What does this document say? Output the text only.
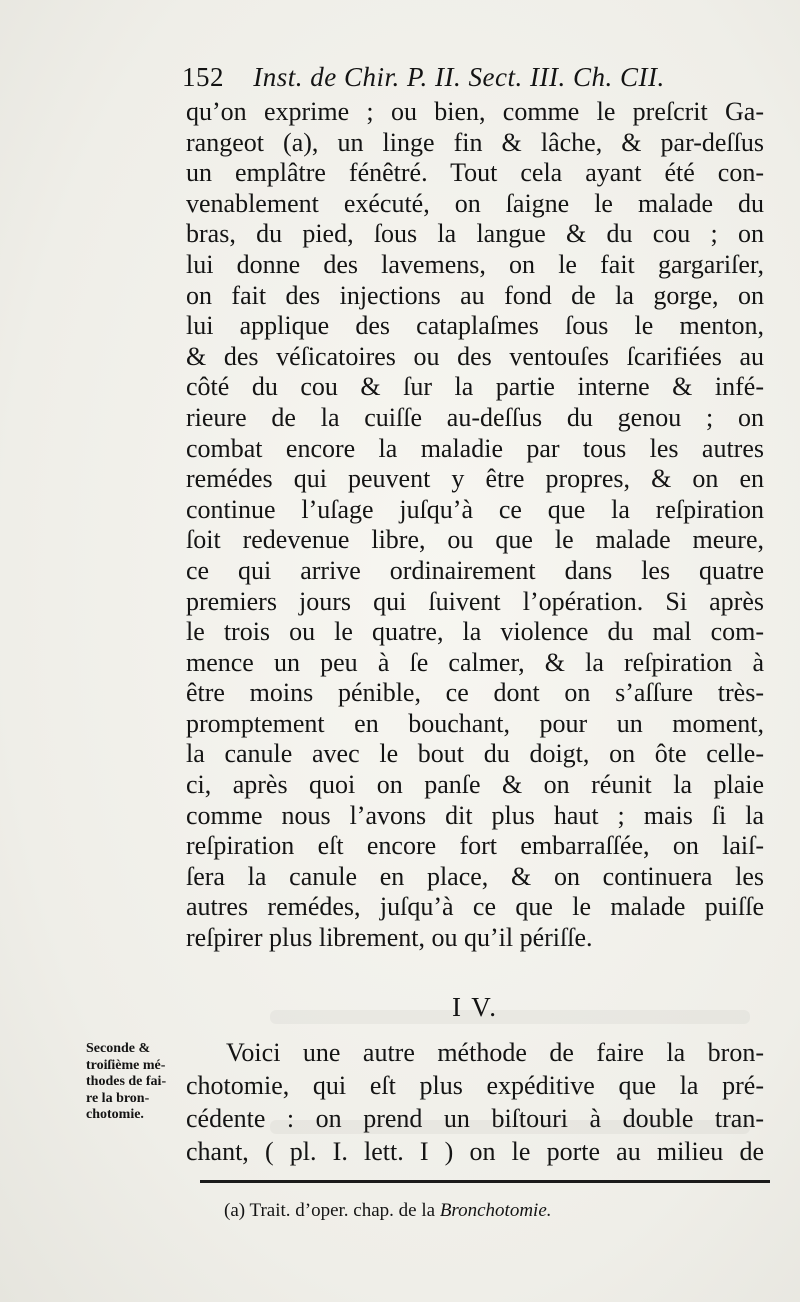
152 Inst. de Chir. P. II. Sect. III. Ch. CII.
qu’on exprime ; ou bien, comme le preſcrit Ga-
rangeot (a), un linge fin & lâche, & par-deſſus
un emplâtre fénêtré. Tout cela ayant été con-
venablement exécuté, on ſaigne le malade du
bras, du pied, ſous la langue & du cou ; on
lui donne des lavemens, on le fait gargariſer,
on fait des injections au fond de la gorge, on
lui applique des cataplaſmes ſous le menton,
& des véſicatoires ou des ventouſes ſcarifiées au
côté du cou & ſur la partie interne & infé-
rieure de la cuiſſe au-deſſus du genou ; on
combat encore la maladie par tous les autres
remédes qui peuvent y être propres, & on en
continue l’uſage juſqu’à ce que la reſpiration
ſoit redevenue libre, ou que le malade meure,
ce qui arrive ordinairement dans les quatre
premiers jours qui ſuivent l’opération. Si après
le trois ou le quatre, la violence du mal com-
mence un peu à ſe calmer, & la reſpiration à
être moins pénible, ce dont on s’aſſure très-
promptement en bouchant, pour un moment,
la canule avec le bout du doigt, on ôte celle-
ci, après quoi on panſe & on réunit la plaie
comme nous l’avons dit plus haut ; mais ſi la
reſpiration eſt encore fort embarraſſée, on laiſ-
ſera la canule en place, & on continuera les
autres remédes, juſqu’à ce que le malade puiſſe
reſpirer plus librement, ou qu’il périſſe.
I V.
Seconde &
troiſième mé-
thodes de fai-
re la bron-
chotomie.
Voici une autre méthode de faire la bron-
chotomie, qui eſt plus expéditive que la pré-
cédente : on prend un biſtouri à double tran-
chant, ( pl. I. lett. I ) on le porte au milieu de
(a) Trait. d’oper. chap. de la Bronchotomie.
